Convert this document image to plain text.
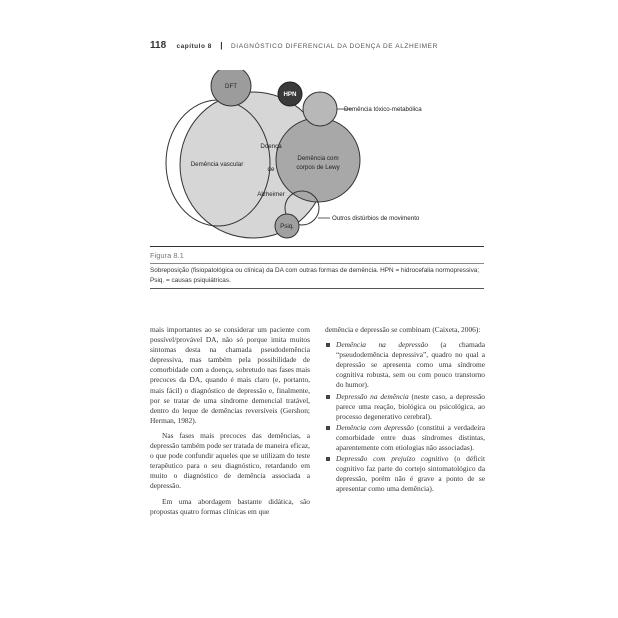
118 capítulo 8 | DIAGNÓSTICO DIFERENCIAL DA DOENÇA DE ALZHEIMER
DFT
HPN
Demência tóxico-metabólica
Doença
de
Alzheimer
Demência vascular
Demência com
corpos de Lewy
Psiq.
Outros distúrbios de movimento
Figura 8.1
Sobreposição (fisiopatológica ou clínica) da DA com outras formas de demência. HPN = hidrocefalia normopressiva; Psiq. = causas psiquiátricas.

mais importantes ao se considerar um paciente com possível/provável DA, não só porque imita muitos sintomas desta na chamada pseudodemência depressiva, mas também pela possibilidade de comorbidade com a doença, sobretudo nas fases mais precoces da DA, quando é mais claro (e, portanto, mais fácil) o diagnóstico de depressão e, finalmente, por se tratar de uma síndrome demencial tratável, dentro do leque de demências reversíveis (Gershon; Herman, 1982).

Nas fases mais precoces das demências, a depressão também pode ser tratada de maneira eficaz, o que pode confundir aqueles que se utilizam do teste terapêutico para o seu diagnóstico, retardando em muito o diagnóstico de demência associada a depressão.

Em uma abordagem bastante didática, são propostas quatro formas clínicas em que

demência e depressão se combinam (Caixeta, 2006):

Demência na depressão (a chamada “pseudodemência depressiva”, quadro no qual a depressão se apresenta como uma síndrome cognitiva robusta, sem ou com pouco transtorno do humor).
Depressão na demência (neste caso, a depressão parece uma reação, biológica ou psicológica, ao processo degenerativo cerebral).
Demência com depressão (constitui a verdadeira comorbidade entre duas síndromes distintas, aparentemente com etiologias não associadas).
Depressão com prejuízo cognitivo (o déficit cognitivo faz parte do cortejo sintomatológico da depressão, porém não é grave a ponto de se apresentar como uma demência).
